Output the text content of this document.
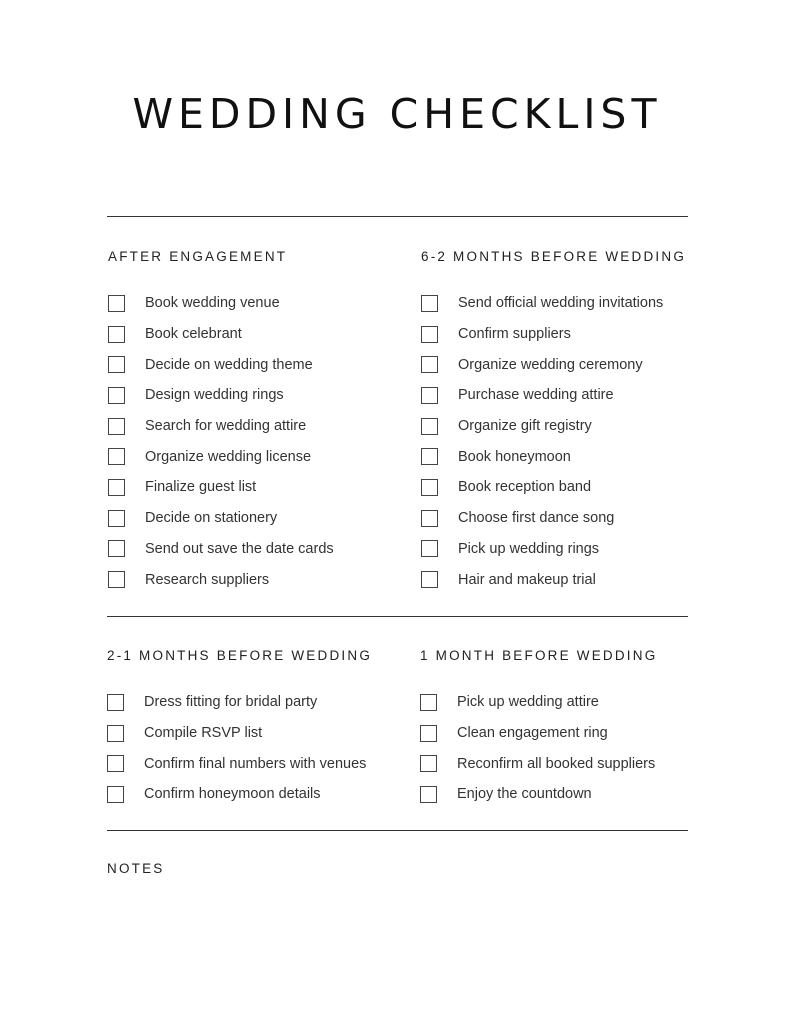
WEDDING CHECKLIST
AFTER ENGAGEMENT
Book wedding venue
Book celebrant
Decide on wedding theme
Design wedding rings
Search for wedding attire
Organize wedding license
Finalize guest list
Decide on stationery
Send out save the date cards
Research suppliers
6-2 MONTHS BEFORE WEDDING
Send official wedding invitations
Confirm suppliers
Organize wedding ceremony
Purchase wedding attire
Organize gift registry
Book honeymoon
Book reception band
Choose first dance song
Pick up wedding rings
Hair and makeup trial
2-1 MONTHS BEFORE WEDDING
Dress fitting for bridal party
Compile RSVP list
Confirm final numbers with venues
Confirm honeymoon details
1 MONTH BEFORE WEDDING
Pick up wedding attire
Clean engagement ring
Reconfirm all booked suppliers
Enjoy the countdown
NOTES
